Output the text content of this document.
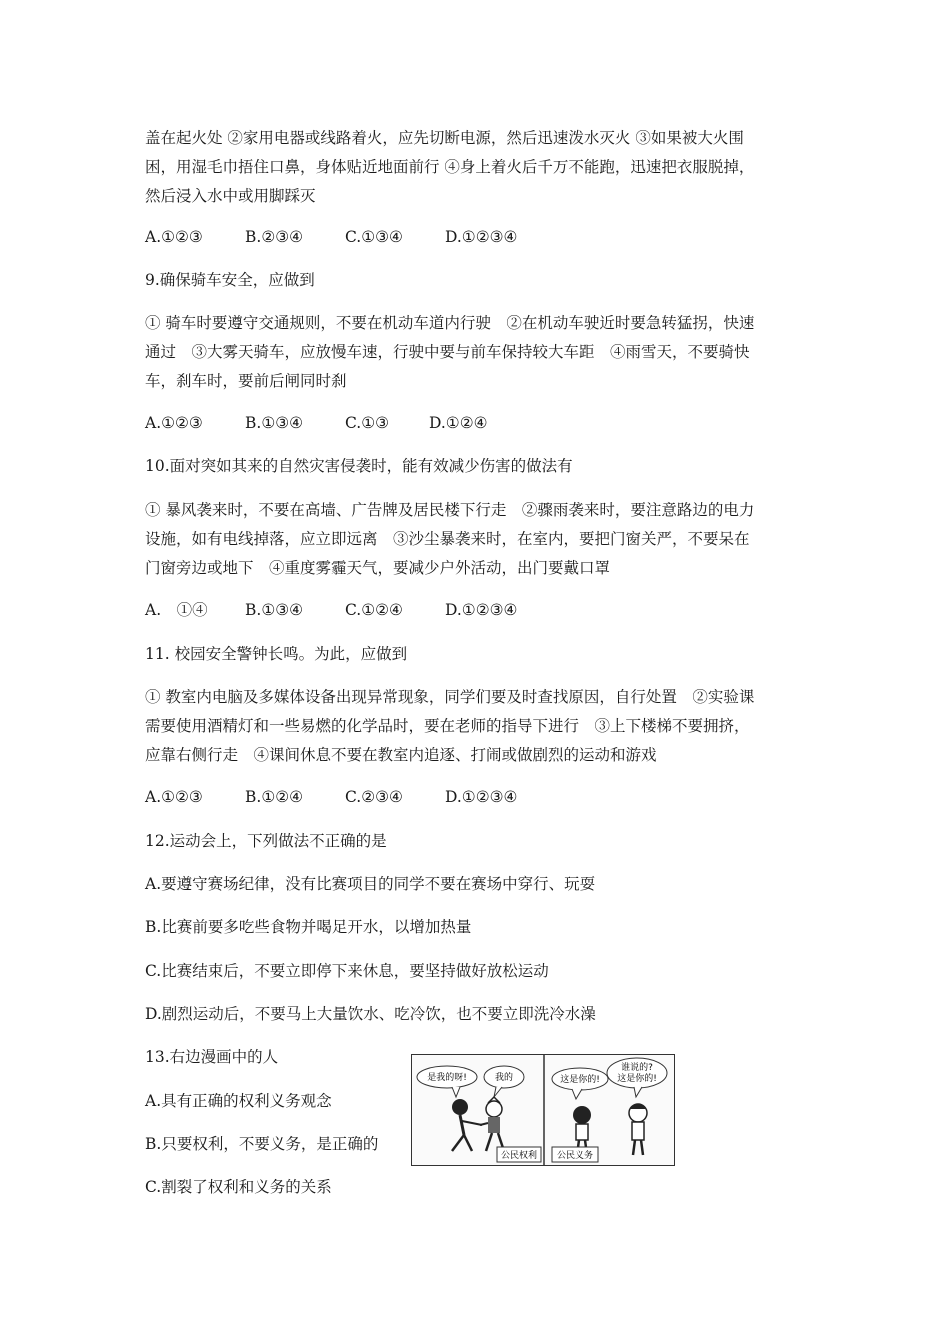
盖在起火处 ②家用电器或线路着火，应先切断电源，然后迅速泼水灭火 ③如果被大火围
困，用湿毛巾捂住口鼻，身体贴近地面前行 ④身上着火后千万不能跑，迅速把衣服脱掉，
然后浸入水中或用脚踩灭
A.①②③	B.②③④	C.①③④	D.①②③④
9.确保骑车安全，应做到
① 骑车时要遵守交通规则，不要在机动车道内行驶　②在机动车驶近时要急转猛拐，快速
通过　③大雾天骑车，应放慢车速，行驶中要与前车保持较大车距　④雨雪天，不要骑快
车，刹车时，要前后闸同时刹
A.①②③	B.①③④	C.①③	D.①②④
10.面对突如其来的自然灾害侵袭时，能有效减少伤害的做法有
① 暴风袭来时，不要在高墙、广告牌及居民楼下行走　②骤雨袭来时，要注意路边的电力
设施，如有电线掉落，应立即远离　③沙尘暴袭来时，在室内，要把门窗关严，不要呆在
门窗旁边或地下　④重度雾霾天气，要减少户外活动，出门要戴口罩
A.　①④ B.①③④	C.①②④	D.①②③④
11. 校园安全警钟长鸣。为此，应做到
① 教室内电脑及多媒体设备出现异常现象，同学们要及时查找原因，自行处置　②实验课
需要使用酒精灯和一些易燃的化学品时，要在老师的指导下进行　③上下楼梯不要拥挤，
应靠右侧行走　④课间休息不要在教室内追逐、打闹或做剧烈的运动和游戏
A.①②③	B.①②④	C.②③④	D.①②③④
12.运动会上，下列做法不正确的是
A.要遵守赛场纪律，没有比赛项目的同学不要在赛场中穿行、玩耍
B.比赛前要多吃些食物并喝足开水，以增加热量
C.比赛结束后，不要立即停下来休息，要坚持做好放松运动
D.剧烈运动后，不要马上大量饮水、吃冷饮，也不要立即洗冷水澡
13.右边漫画中的人
A.具有正确的权利义务观念
B.只要权利，不要义务，是正确的
C.割裂了权利和义务的关系
是我的呀!	我的
公民权利
这是你的!
谁说的?
这是你的!
公民义务
